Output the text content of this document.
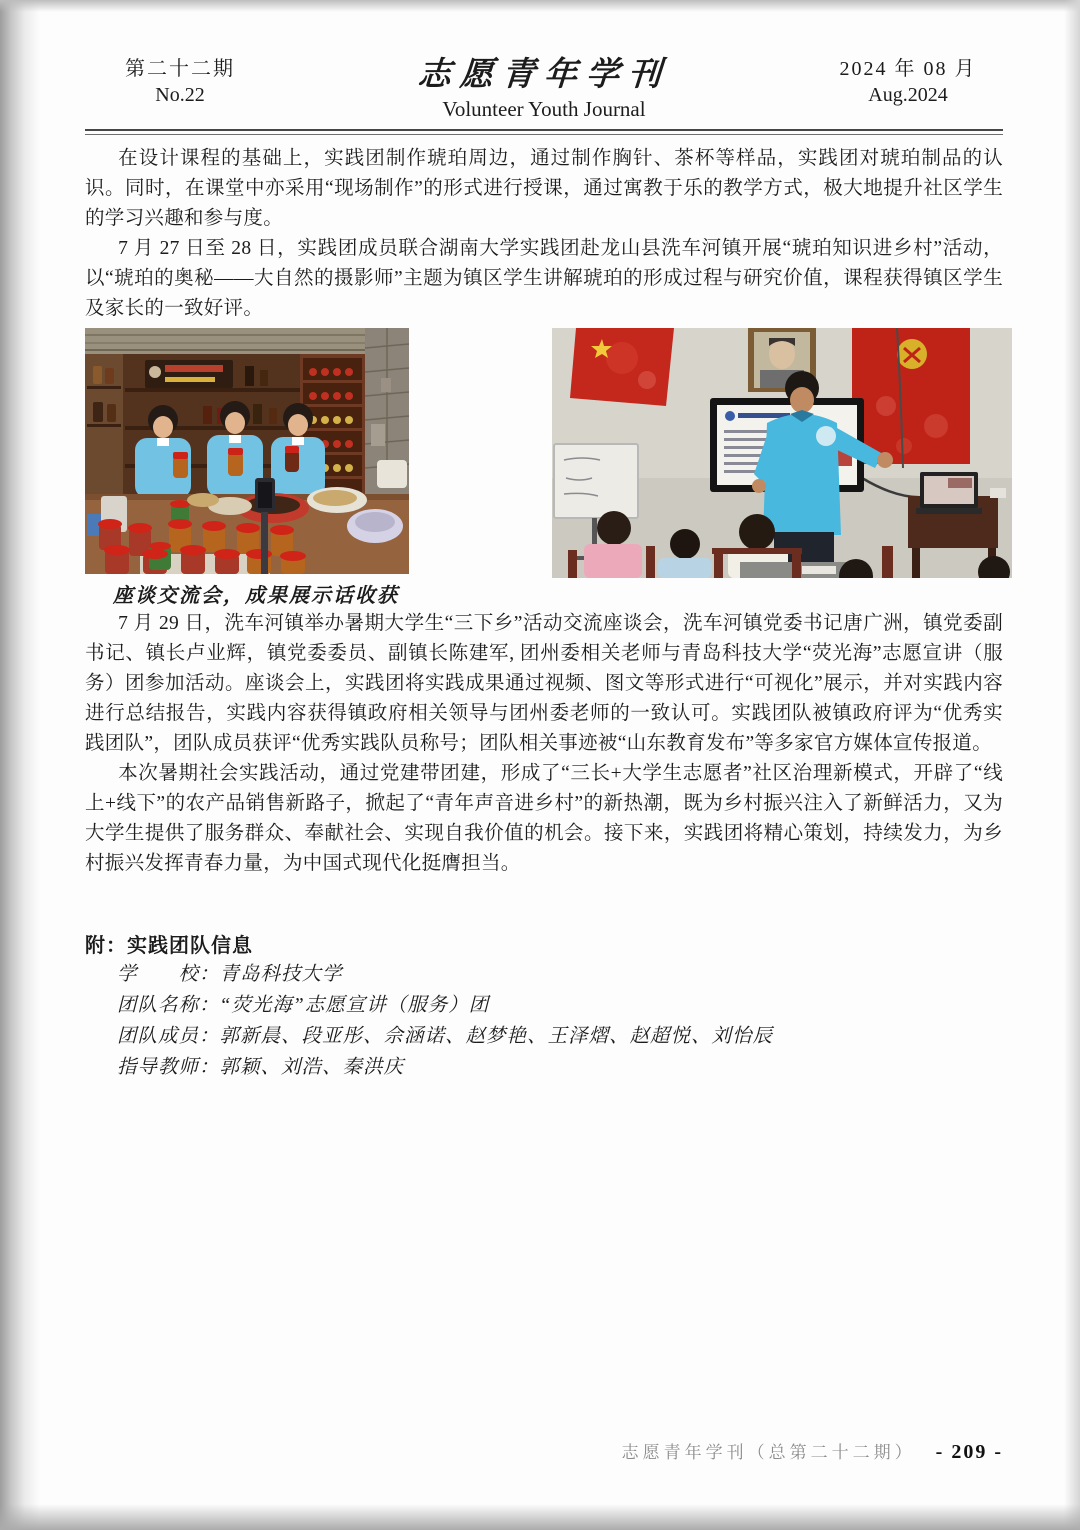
第二十二期
No.22
志愿青年学刊
Volunteer Youth Journal
2024 年 08 月
Aug.2024

在设计课程的基础上，实践团制作琥珀周边，通过制作胸针、茶杯等样品，实践团对琥珀制品的认识。同时，在课堂中亦采用“现场制作”的形式进行授课，通过寓教于乐的教学方式，极大地提升社区学生的学习兴趣和参与度。

7 月 27 日至 28 日，实践团成员联合湖南大学实践团赴龙山县洗车河镇开展“琥珀知识进乡村”活动，以“琥珀的奥秘——大自然的摄影师”主题为镇区学生讲解琥珀的形成过程与研究价值，课程获得镇区学生及家长的一致好评。

座谈交流会，成果展示话收获

7 月 29 日，洗车河镇举办暑期大学生“三下乡”活动交流座谈会，洗车河镇党委书记唐广洲，镇党委副书记、镇长卢业辉，镇党委委员、副镇长陈建军, 团州委相关老师与青岛科技大学“荧光海”志愿宣讲（服务）团参加活动。座谈会上，实践团将实践成果通过视频、图文等形式进行“可视化”展示，并对实践内容进行总结报告，实践内容获得镇政府相关领导与团州委老师的一致认可。实践团队被镇政府评为“优秀实践团队”，团队成员获评“优秀实践队员称号；团队相关事迹被“山东教育发布”等多家官方媒体宣传报道。

本次暑期社会实践活动，通过党建带团建，形成了“三长+大学生志愿者”社区治理新模式，开辟了“线上+线下”的农产品销售新路子，掀起了“青年声音进乡村”的新热潮，既为乡村振兴注入了新鲜活力，又为大学生提供了服务群众、奉献社会、实现自我价值的机会。接下来，实践团将精心策划，持续发力，为乡村振兴发挥青春力量，为中国式现代化挺膺担当。

附：实践团队信息
学　　校：青岛科技大学
团队名称：“荧光海”志愿宣讲（服务）团
团队成员：郭新晨、段亚彤、佘涵诺、赵梦艳、王泽熠、赵超悦、刘怡辰
指导教师：郭颖、刘浩、秦洪庆
志愿青年学刊（总第二十二期） - 209 -
